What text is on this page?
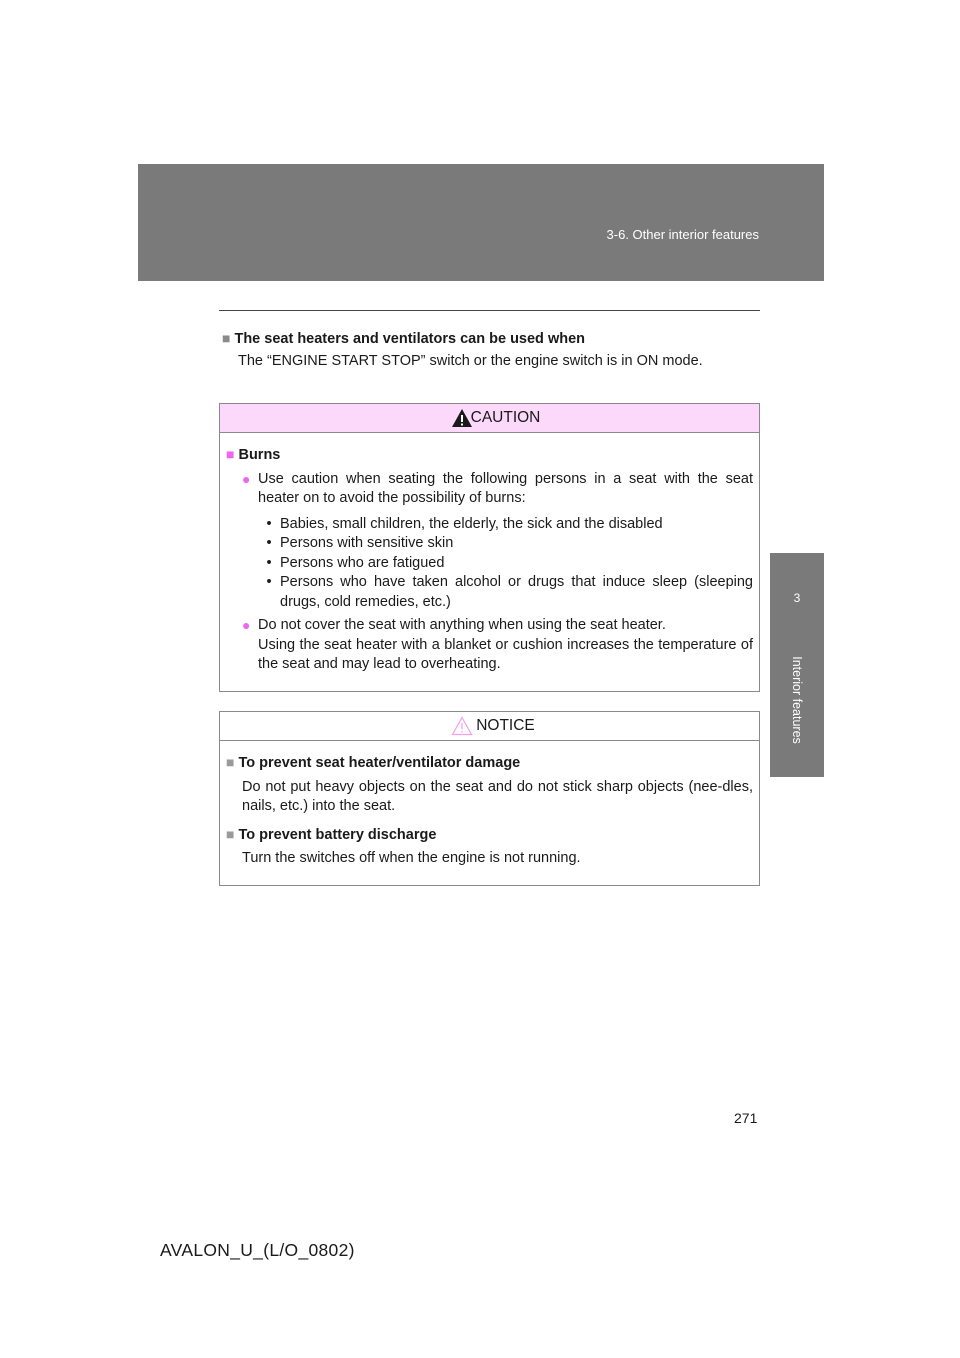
3-6. Other interior features
3
Interior features
■ The seat heaters and ventilators can be used when
The “ENGINE START STOP” switch or the engine switch is in ON mode.
CAUTION
■ Burns
● Use caution when seating the following persons in a seat with the seat heater on to avoid the possibility of burns:
• Babies, small children, the elderly, the sick and the disabled
• Persons with sensitive skin
• Persons who are fatigued
• Persons who have taken alcohol or drugs that induce sleep (sleeping drugs, cold remedies, etc.)
● Do not cover the seat with anything when using the seat heater.
Using the seat heater with a blanket or cushion increases the temperature of the seat and may lead to overheating.
NOTICE
■ To prevent seat heater/ventilator damage
Do not put heavy objects on the seat and do not stick sharp objects (nee-dles, nails, etc.) into the seat.
■ To prevent battery discharge
Turn the switches off when the engine is not running.
271
AVALON_U_(L/O_0802)
